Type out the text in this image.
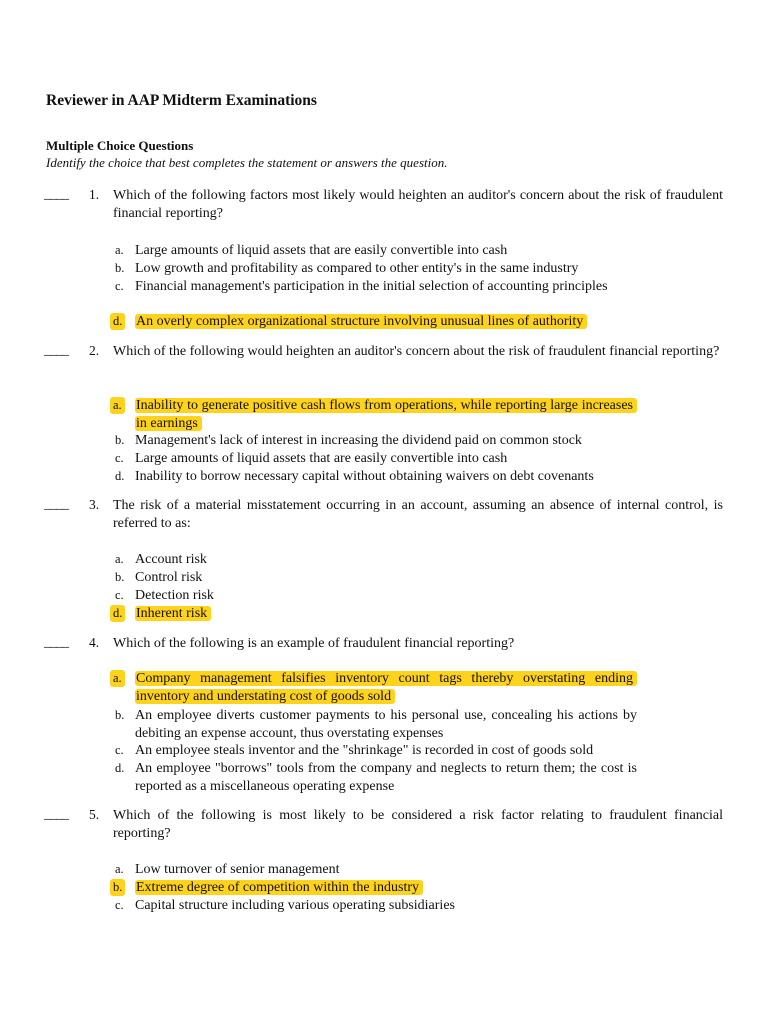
Reviewer in AAP Midterm Examinations
Multiple Choice Questions
Identify the choice that best completes the statement or answers the question.
____ 1. Which of the following factors most likely would heighten an auditor's concern about the risk of fraudulent financial reporting?
a. Large amounts of liquid assets that are easily convertible into cash
b. Low growth and profitability as compared to other entity's in the same industry
c. Financial management's participation in the initial selection of accounting principles
d. An overly complex organizational structure involving unusual lines of authority
____ 2. Which of the following would heighten an auditor's concern about the risk of fraudulent financial reporting?
a. Inability to generate positive cash flows from operations, while reporting large increases in earnings
b. Management's lack of interest in increasing the dividend paid on common stock
c. Large amounts of liquid assets that are easily convertible into cash
d. Inability to borrow necessary capital without obtaining waivers on debt covenants
____ 3. The risk of a material misstatement occurring in an account, assuming an absence of internal control, is referred to as:
a. Account risk
b. Control risk
c. Detection risk
d. Inherent risk
____ 4. Which of the following is an example of fraudulent financial reporting?
a. Company management falsifies inventory count tags thereby overstating ending inventory and understating cost of goods sold
b. An employee diverts customer payments to his personal use, concealing his actions by debiting an expense account, thus overstating expenses
c. An employee steals inventor and the "shrinkage" is recorded in cost of goods sold
d. An employee "borrows" tools from the company and neglects to return them; the cost is reported as a miscellaneous operating expense
____ 5. Which of the following is most likely to be considered a risk factor relating to fraudulent financial reporting?
a. Low turnover of senior management
b. Extreme degree of competition within the industry
c. Capital structure including various operating subsidiaries
